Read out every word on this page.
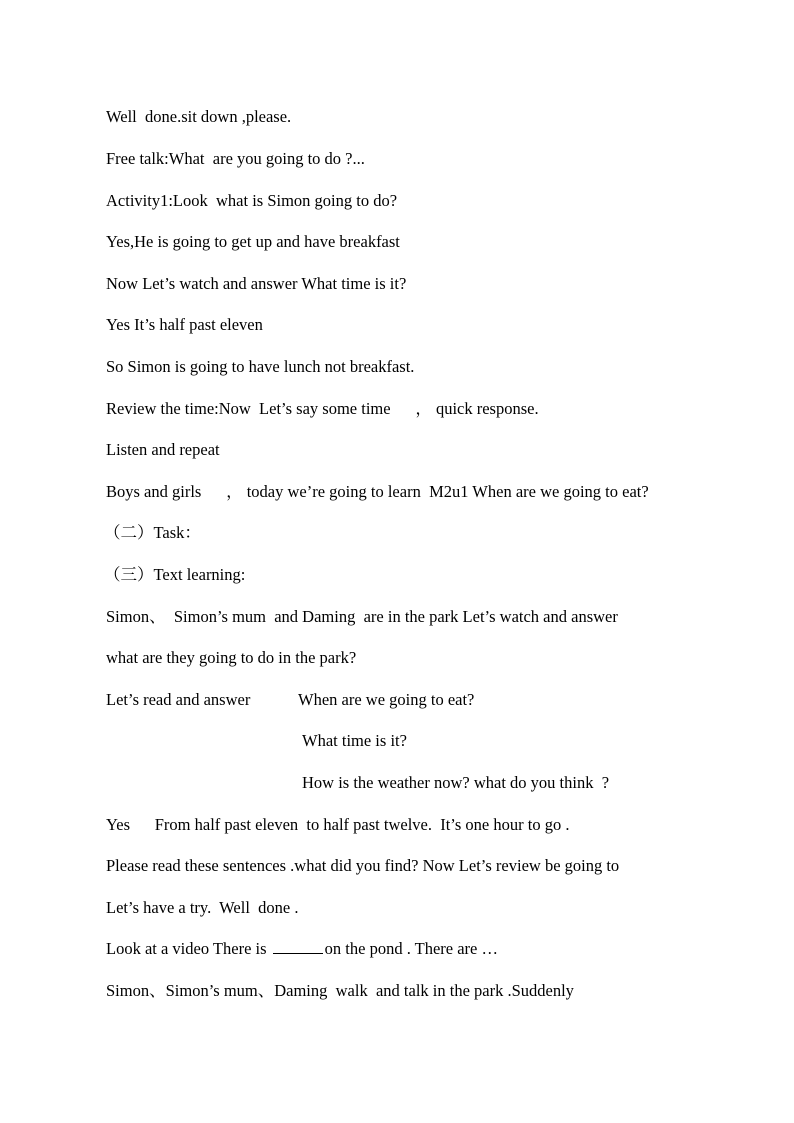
Well  done.sit down ,please.
Free talk:What  are you going to do ?...
Activity1:Look  what is Simon going to do?
Yes,He is going to get up and have breakfast
Now Let’s watch and answer What time is it?
Yes It’s half past eleven
So Simon is going to have lunch not breakfast.
Review the time:Now  Let’s say some time  　， quick response.
Listen and repeat
Boys and girls  　， today we’re going to learn  M2u1 When are we going to eat?
（二）Task：
（三）Text learning:
Simon、  Simon’s mum  and Daming  are in the park Let’s watch and answer
what are they going to do in the park?
Let’s read and answer	When are we going to eat?
What time is it?
How is the weather now? what do you think  ?
Yes      From half past eleven  to half past twelve.  It’s one hour to go .
Please read these sentences .what did you find? Now Let’s review be going to
Let’s have a try.  Well  done .
Look at a video There is	on the pond . There are …
Simon、Simon’s mum、Daming  walk  and talk in the park .Suddenly
